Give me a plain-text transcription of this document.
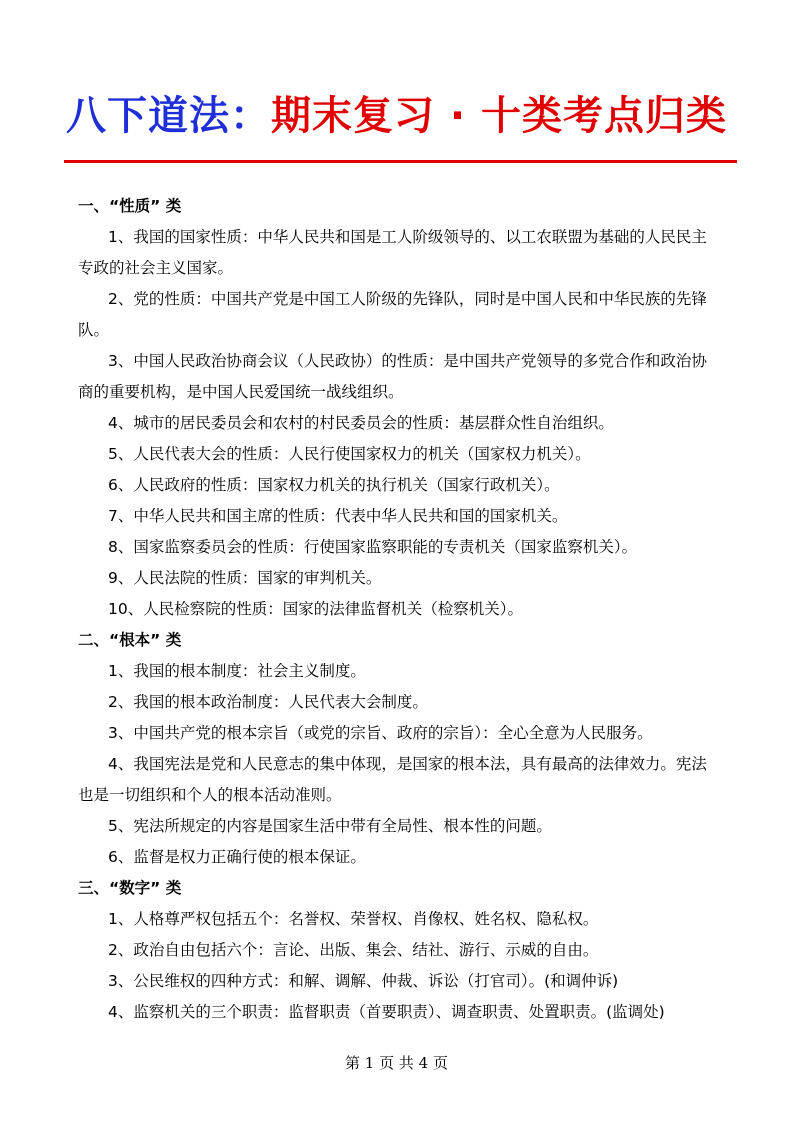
八下道法：期末复习 · 十类考点归类
一、“性质” 类
1、我国的国家性质：中华人民共和国是工人阶级领导的、以工农联盟为基础的人民民主
专政的社会主义国家。
2、党的性质：中国共产党是中国工人阶级的先锋队，同时是中国人民和中华民族的先锋
队。
3、中国人民政治协商会议（人民政协）的性质：是中国共产党领导的多党合作和政治协
商的重要机构，是中国人民爱国统一战线组织。
4、城市的居民委员会和农村的村民委员会的性质：基层群众性自治组织。
5、人民代表大会的性质：人民行使国家权力的机关（国家权力机关）。
6、人民政府的性质：国家权力机关的执行机关（国家行政机关）。
7、中华人民共和国主席的性质：代表中华人民共和国的国家机关。
8、国家监察委员会的性质：行使国家监察职能的专责机关（国家监察机关）。
9、人民法院的性质：国家的审判机关。
10、人民检察院的性质：国家的法律监督机关（检察机关）。
二、“根本” 类
1、我国的根本制度：社会主义制度。
2、我国的根本政治制度：人民代表大会制度。
3、中国共产党的根本宗旨（或党的宗旨、政府的宗旨）：全心全意为人民服务。
4、我国宪法是党和人民意志的集中体现，是国家的根本法，具有最高的法律效力。宪法
也是一切组织和个人的根本活动准则。
5、宪法所规定的内容是国家生活中带有全局性、根本性的问题。
6、监督是权力正确行使的根本保证。
三、“数字” 类
1、人格尊严权包括五个：名誉权、荣誉权、肖像权、姓名权、隐私权。
2、政治自由包括六个：言论、出版、集会、结社、游行、示威的自由。
3、公民维权的四种方式：和解、调解、仲裁、诉讼（打官司）。(和调仲诉)
4、监察机关的三个职责：监督职责（首要职责）、调查职责、处置职责。(监调处)
第 1 页 共 4 页
